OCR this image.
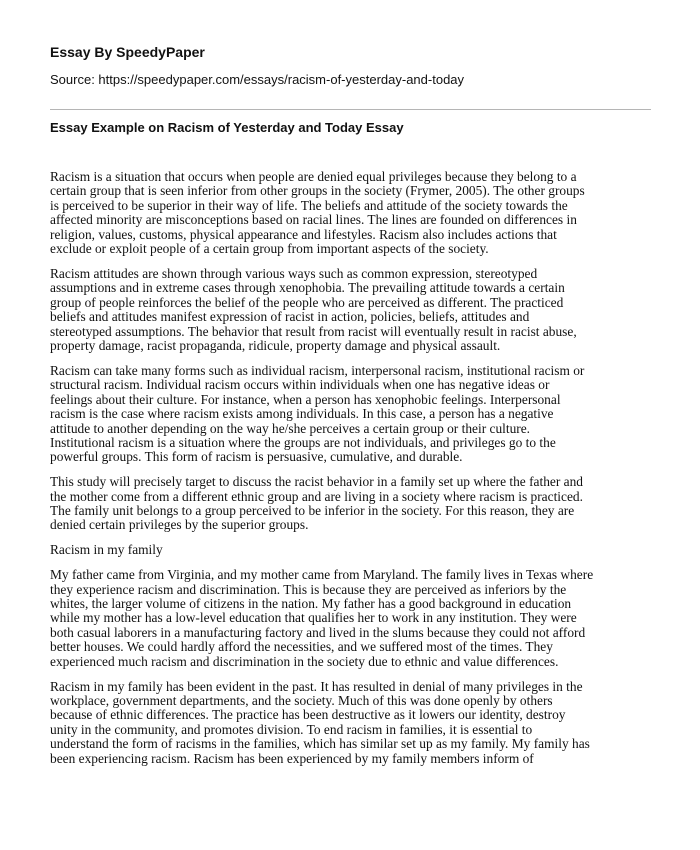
Essay By SpeedyPaper
Source: https://speedypaper.com/essays/racism-of-yesterday-and-today
Essay Example on Racism of Yesterday and Today Essay

Racism is a situation that occurs when people are denied equal privileges because they belong to a
certain group that is seen inferior from other groups in the society (Frymer, 2005). The other groups
is perceived to be superior in their way of life. The beliefs and attitude of the society towards the
affected minority are misconceptions based on racial lines. The lines are founded on differences in
religion, values, customs, physical appearance and lifestyles. Racism also includes actions that
exclude or exploit people of a certain group from important aspects of the society.

Racism attitudes are shown through various ways such as common expression, stereotyped
assumptions and in extreme cases through xenophobia. The prevailing attitude towards a certain
group of people reinforces the belief of the people who are perceived as different. The practiced
beliefs and attitudes manifest expression of racist in action, policies, beliefs, attitudes and
stereotyped assumptions. The behavior that result from racist will eventually result in racist abuse,
property damage, racist propaganda, ridicule, property damage and physical assault.

Racism can take many forms such as individual racism, interpersonal racism, institutional racism or
structural racism. Individual racism occurs within individuals when one has negative ideas or
feelings about their culture. For instance, when a person has xenophobic feelings. Interpersonal
racism is the case where racism exists among individuals. In this case, a person has a negative
attitude to another depending on the way he/she perceives a certain group or their culture.
Institutional racism is a situation where the groups are not individuals, and privileges go to the
powerful groups. This form of racism is persuasive, cumulative, and durable.

This study will precisely target to discuss the racist behavior in a family set up where the father and
the mother come from a different ethnic group and are living in a society where racism is practiced.
The family unit belongs to a group perceived to be inferior in the society. For this reason, they are
denied certain privileges by the superior groups.

Racism in my family

My father came from Virginia, and my mother came from Maryland. The family lives in Texas where
they experience racism and discrimination. This is because they are perceived as inferiors by the
whites, the larger volume of citizens in the nation. My father has a good background in education
while my mother has a low-level education that qualifies her to work in any institution. They were
both casual laborers in a manufacturing factory and lived in the slums because they could not afford
better houses. We could hardly afford the necessities, and we suffered most of the times. They
experienced much racism and discrimination in the society due to ethnic and value differences.

Racism in my family has been evident in the past. It has resulted in denial of many privileges in the
workplace, government departments, and the society. Much of this was done openly by others
because of ethnic differences. The practice has been destructive as it lowers our identity, destroy
unity in the community, and promotes division. To end racism in families, it is essential to
understand the form of racisms in the families, which has similar set up as my family. My family has
been experiencing racism. Racism has been experienced by my family members inform of
